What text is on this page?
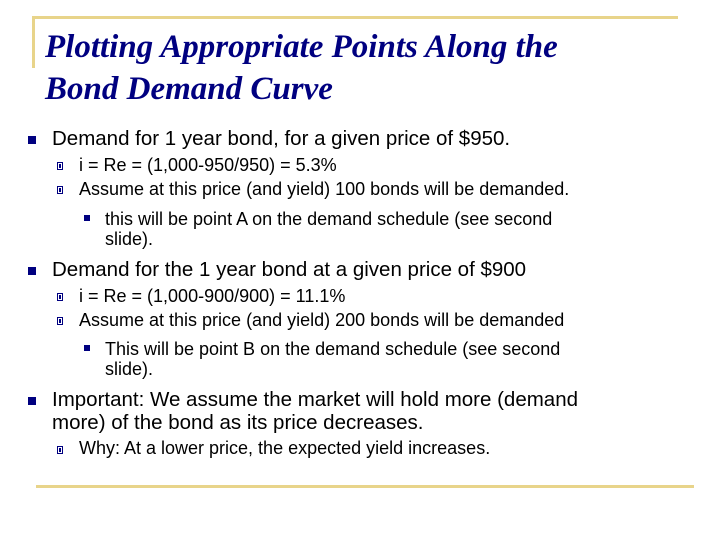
Plotting Appropriate Points Along the
Bond Demand Curve
Demand for 1 year bond, for a given price of $950.
i = Re = (1,000-950/950) = 5.3%
Assume at this price (and yield) 100 bonds will be demanded.
this will be point A on the demand schedule (see second
slide).
Demand for the 1 year bond at a given price of $900
i = Re = (1,000-900/900) = 11.1%
Assume at this price (and yield) 200 bonds will be demanded
This will be point B on the demand schedule (see second
slide).
Important: We assume the market will hold more (demand
more) of the bond as its price decreases.
Why: At a lower price, the expected yield increases.
